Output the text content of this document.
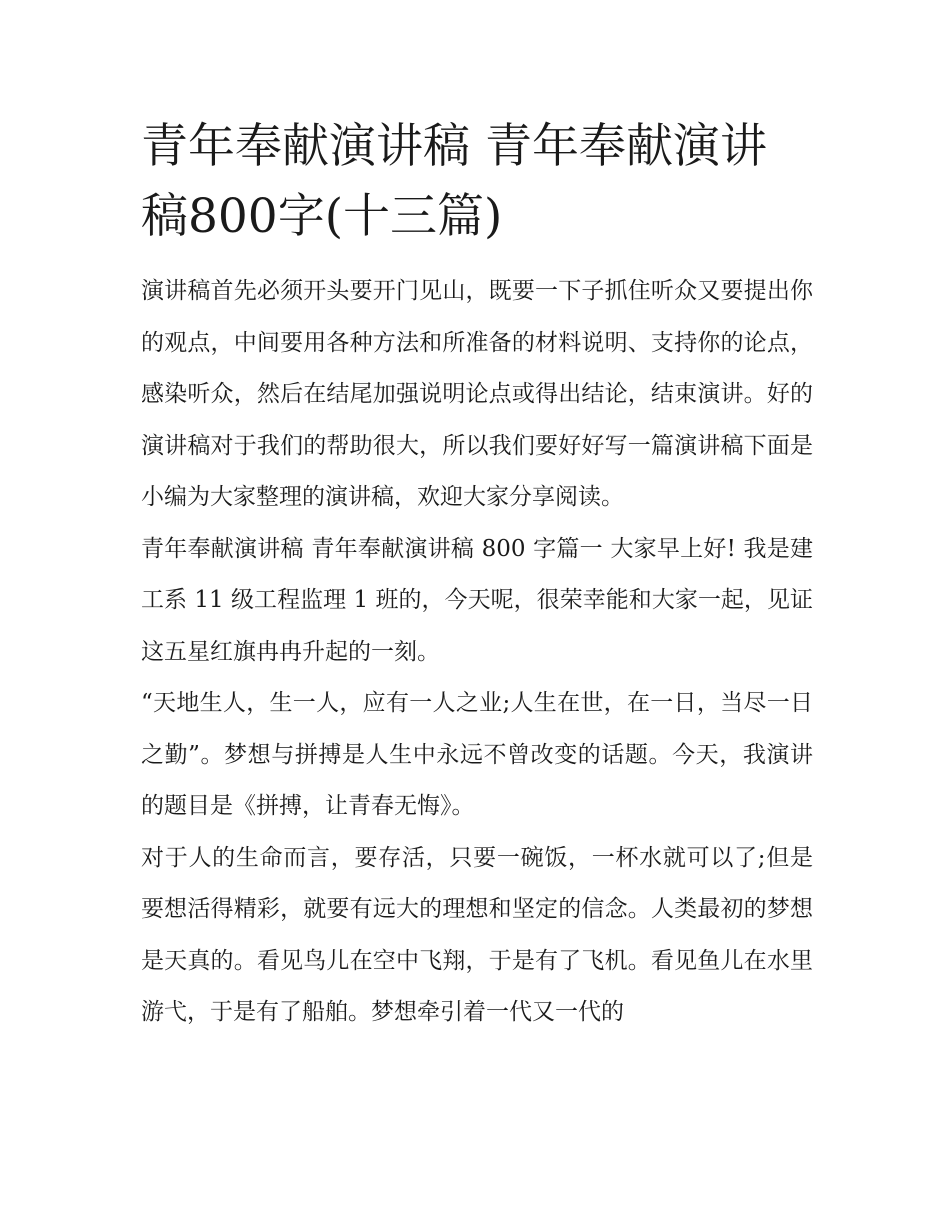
青年奉献演讲稿 青年奉献演讲稿800字(十三篇)

演讲稿首先必须开头要开门见山，既要一下子抓住听众又要提出你的观点，中间要用各种方法和所准备的材料说明、支持你的论点，感染听众，然后在结尾加强说明论点或得出结论，结束演讲。好的演讲稿对于我们的帮助很大，所以我们要好好写一篇演讲稿下面是小编为大家整理的演讲稿，欢迎大家分享阅读。

青年奉献演讲稿 青年奉献演讲稿 800 字篇一 大家早上好! 我是建工系 11 级工程监理 1 班的，今天呢，很荣幸能和大家一起，见证这五星红旗冉冉升起的一刻。

“天地生人，生一人，应有一人之业;人生在世，在一日，当尽一日之勤”。梦想与拼搏是人生中永远不曾改变的话题。今天，我演讲的题目是《拼搏，让青春无悔》。

对于人的生命而言，要存活，只要一碗饭，一杯水就可以了;但是要想活得精彩，就要有远大的理想和坚定的信念。人类最初的梦想是天真的。看见鸟儿在空中飞翔，于是有了飞机。看见鱼儿在水里游弋，于是有了船舶。梦想牵引着一代又一代的
